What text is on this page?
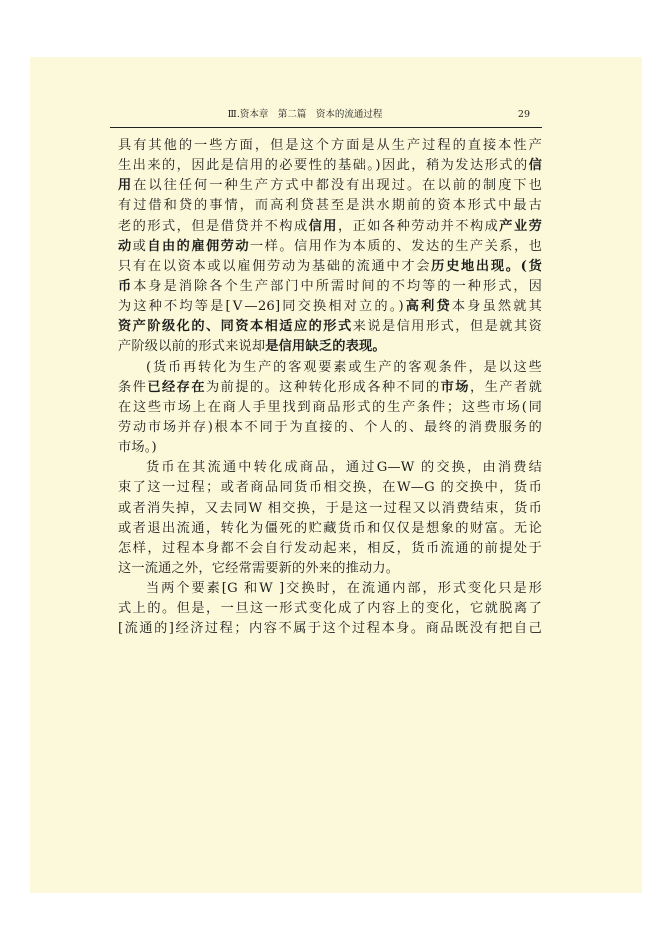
Ⅲ.资本章　第二篇　资本的流通过程	29
具有其他的一些方面，但是这个方面是从生产过程的直接本性产
生出来的，因此是信用的必要性的基础。)因此，稍为发达形式的信
用在以往任何一种生产方式中都没有出现过。在以前的制度下也
有过借和贷的事情，而高利贷甚至是洪水期前的资本形式中最古
老的形式，但是借贷并不构成信用，正如各种劳动并不构成产业劳
动或自由的雇佣劳动一样。信用作为本质的、发达的生产关系，也
只有在以资本或以雇佣劳动为基础的流通中才会历史地出现。(货
币本身是消除各个生产部门中所需时间的不均等的一种形式，因
为这种不均等是[Ⅴ—26]同交换相对立的。)高利贷本身虽然就其
资产阶级化的、同资本相适应的形式来说是信用形式，但是就其资
产阶级以前的形式来说却是信用缺乏的表现。
(货币再转化为生产的客观要素或生产的客观条件，是以这些
条件已经存在为前提的。这种转化形成各种不同的市场，生产者就
在这些市场上在商人手里找到商品形式的生产条件；这些市场(同
劳动市场并存)根本不同于为直接的、个人的、最终的消费服务的
市场。)
货币在其流通中转化成商品，通过G—W 的交换，由消费结
束了这一过程；或者商品同货币相交换，在W—G 的交换中，货币
或者消失掉，又去同W 相交换，于是这一过程又以消费结束，货币
或者退出流通，转化为僵死的贮藏货币和仅仅是想象的财富。无论
怎样，过程本身都不会自行发动起来，相反，货币流通的前提处于
这一流通之外，它经常需要新的外来的推动力。
当两个要素[G 和W ]交换时，在流通内部，形式变化只是形
式上的。但是，一旦这一形式变化成了内容上的变化，它就脱离了
[流通的]经济过程；内容不属于这个过程本身。商品既没有把自己
